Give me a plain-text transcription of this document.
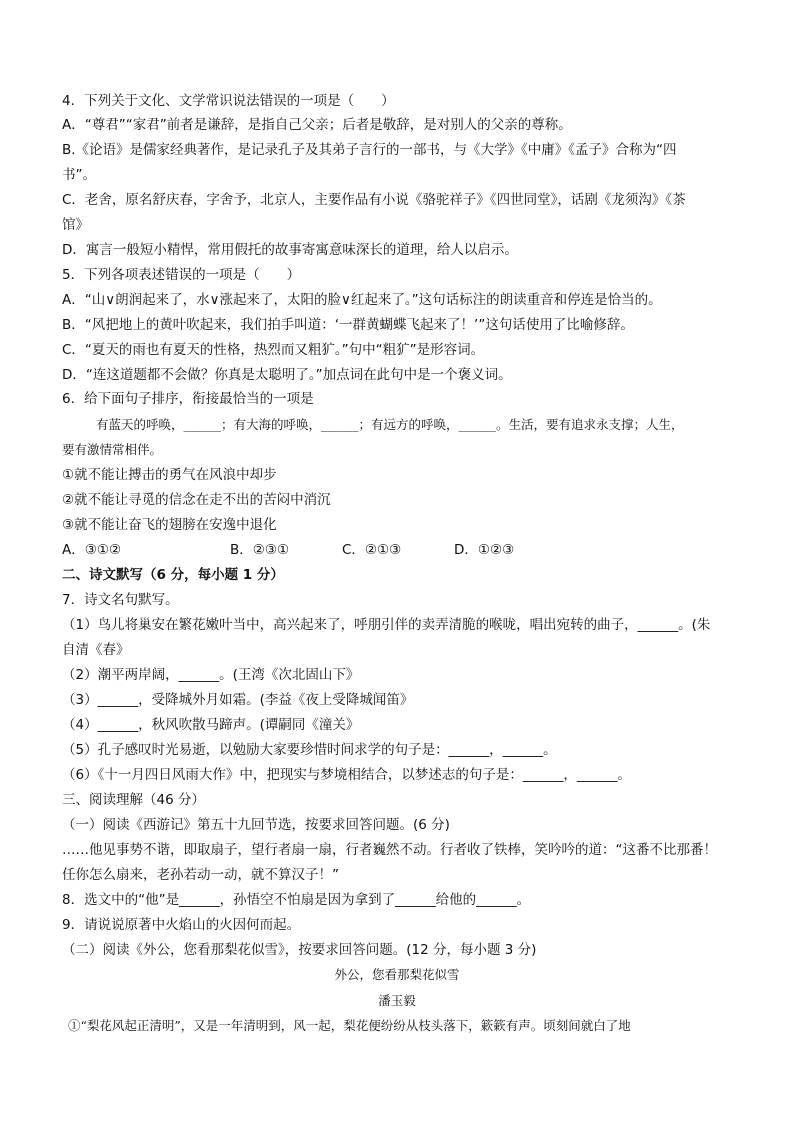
4．下列关于文化、文学常识说法错误的一项是（　　）
A．“尊君”“家君”前者是谦辞，是指自己父亲；后者是敬辞，是对别人的父亲的尊称。
B.《论语》是儒家经典著作，是记录孔子及其弟子言行的一部书，与《大学》《中庸》《孟子》合称为“四
书”。
C．老舍，原名舒庆春，字舍予，北京人，主要作品有小说《骆驼祥子》《四世同堂》，话剧《龙须沟》《茶
馆》
D．寓言一般短小精悍，常用假托的故事寄寓意味深长的道理，给人以启示。
5．下列各项表述错误的一项是（　　）
A．“山∨朗润起来了，水∨涨起来了，太阳的脸∨红起来了。”这句话标注的朗读重音和停连是恰当的。
B．“风把地上的黄叶吹起来，我们拍手叫道：‘一群黄蝴蝶飞起来了！’”这句话使用了比喻修辞。
C．“夏天的雨也有夏天的性格，热烈而又粗犷。”句中“粗犷”是形容词。
D．“连这道题都不会做？你真是太聪明了。”加点词在此句中是一个褒义词。
6．给下面句子排序，衔接最恰当的一项是
有蓝天的呼唤，______；有大海的呼唤，______；有远方的呼唤，______。生活，要有追求永支撑；人生，
要有激情常相伴。
①就不能让搏击的勇气在风浪中却步
②就不能让寻觅的信念在走不出的苦闷中消沉
③就不能让奋飞的翅膀在安逸中退化
A．③①②	B．②③①	C．②①③	D．①②③
二、诗文默写（6 分，每小题 1 分）
7．诗文名句默写。
（1）鸟儿将巢安在繁花嫩叶当中，高兴起来了，呼朋引伴的卖弄清脆的喉咙，唱出宛转的曲子，______。(朱
自清《春》
（2）潮平两岸阔，______。(王湾《次北固山下》
（3）______，受降城外月如霜。(李益《夜上受降城闻笛》
（4）______，秋风吹散马蹄声。(谭嗣同《潼关》
（5）孔子感叹时光易逝，以勉励大家要珍惜时间求学的句子是：______，______。
（6）《十一月四日风雨大作》中，把现实与梦境相结合，以梦述志的句子是：______，______。
三、阅读理解（46 分）
（一）阅读《西游记》第五十九回节选，按要求回答问题。(6 分)
……他见事势不谐，即取扇子，望行者扇一扇，行者巍然不动。行者收了铁棒，笑吟吟的道：“这番不比那番！
任你怎么扇来，老孙若动一动，就不算汉子！”
8．选文中的“他”是______，孙悟空不怕扇是因为拿到了______给他的______。
9．请说说原著中火焰山的火因何而起。
（二）阅读《外公，您看那梨花似雪》，按要求回答问题。(12 分，每小题 3 分)
外公，您看那梨花似雪
潘玉毅
①“梨花风起正清明”，又是一年清明到，风一起，梨花便纷纷从枝头落下，簌簌有声。顷刻间就白了地
